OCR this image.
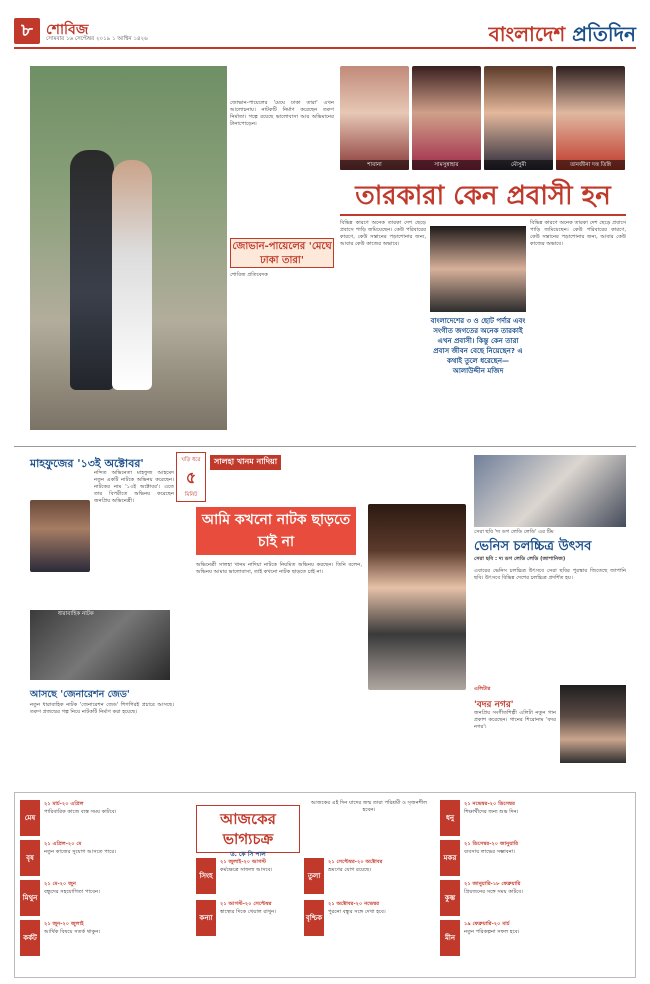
৮ শোবিজ
সোমবার ১৬ সেপ্টেম্বর ২০১৯ ১ আশ্বিন ১৪২৬	বাংলাদেশ প্রতিদিন
জোভান-পায়েলের 'মেঘে ঢাকা তারা' এখন আলোচনায়। নাটকটি নির্মাণ করেছেন তরুণ নির্মাতা। গল্পে রয়েছে ভালোবাসা আর অভিমানের টানাপোড়েন।
জোভান-পায়েলের 'মেঘে ঢাকা তারা'
শোবিজ প্রতিবেদক
শাবানা	সামসুন্নাহার	মৌসুমী	তানজীনা দত্ত তিন্নি
তারকারা কেন প্রবাসী হন
বিভিন্ন কারণে অনেক তারকা দেশ ছেড়ে প্রবাসে পাড়ি জমিয়েছেন। কেউ পরিবারের কারণে, কেউ সন্তানের পড়াশোনার জন্য, আবার কেউ কাজের অভাবে।
বাংলাদেশের ৩ ও ছোট পর্দার এবং সংগীত জগতের অনেক তারকাই এখন প্রবাসী। কিন্তু কেন তারা প্রবাস জীবন বেছে নিয়েছেন? এ কথাই তুলে ধরেছেন— আলাউদ্দীন মজিদ
বিভিন্ন কারণে অনেক তারকা দেশ ছেড়ে প্রবাসে পাড়ি জমিয়েছেন। কেউ পরিবারের কারণে, কেউ সন্তানের পড়াশোনার জন্য, আবার কেউ কাজের অভাবে।
মাহফুজের '১৩ই অক্টোবর'
নন্দিত অভিনেতা মাহফুজ আহমেদ নতুন একটি নাটকে অভিনয় করেছেন। নাটকের নাম '১৩ই অক্টোবর'। এতে তার বিপরীতে অভিনয় করেছেন জনপ্রিয় অভিনেত্রী।
ধারাবাহিক নাটক
আসছে 'জেনারেশন জেড'
নতুন ধারাবাহিক নাটক 'জেনারেশন জেড' শিগগিরই প্রচারে আসছে। তরুণ প্রজন্মের গল্প নিয়ে নাটকটি নির্মাণ করা হয়েছে।
ঘড়ি ধরে
৫
মিনিট
সালহা খানম নাদিয়া
আমি কখনো নাটক ছাড়তে চাই না
অভিনেত্রী সালহা খানম নাদিয়া নাটকে নিয়মিত অভিনয় করছেন। তিনি বলেন, অভিনয় আমার ভালোবাসা, তাই কখনো নাটক ছাড়তে চাই না।
সেরা ছবি 'দ্য ডগ লেডি লেডি' এর টিম
ভেনিস চলচ্চিত্র উৎসব
সেরা ছবি : দ্য ডগ লেডি লেডি (জাপানিজ)
এবারের ভেনিস চলচ্চিত্র উৎসবে সেরা ছবির পুরস্কার জিতেছে জাপানি ছবি। উৎসবে বিভিন্ন দেশের চলচ্চিত্র প্রদর্শিত হয়।
এলিটার
'বদর নগর'
জনপ্রিয় সংগীতশিল্পী এলিটা নতুন গান প্রকাশ করেছেন। গানের শিরোনাম 'বদর নগর'।
আজকের ভাগ্যচক্র
ড. কে সি পাল
আজকের এই দিন যাদের জন্ম তারা পরিশ্রমী ও সৃজনশীল হবেন।
মেষ
২১ মার্চ-২০ এপ্রিল
পারিবারিক কাজে ব্যস্ত সময় কাটবে।
বৃষ
২১ এপ্রিল-২০ মে
নতুন কাজের সুযোগ আসতে পারে।
মিথুন
২১ মে-২০ জুন
বন্ধুদের সহযোগিতা পাবেন।
কর্কট
২১ জুন-২০ জুলাই
আর্থিক বিষয়ে সতর্ক থাকুন।
সিংহ
২১ জুলাই-২০ আগস্ট
কর্মক্ষেত্রে সাফল্য আসবে।
কন্যা
২১ আগস্ট-২০ সেপ্টেম্বর
স্বাস্থ্যের দিকে খেয়াল রাখুন।
তুলা
২১ সেপ্টেম্বর-২০ অক্টোবর
ভ্রমণের যোগ রয়েছে।
বৃশ্চিক
২১ অক্টোবর-২০ নভেম্বর
পুরনো বন্ধুর সঙ্গে দেখা হবে।
ধনু
২১ নভেম্বর-২০ ডিসেম্বর
শিক্ষার্থীদের জন্য শুভ দিন।
মকর
২১ ডিসেম্বর-২০ জানুয়ারি
ব্যবসায় লাভের সম্ভাবনা।
কুম্ভ
২১ জানুয়ারি-১৮ ফেব্রুয়ারি
প্রিয়জনের সঙ্গে সময় কাটবে।
মীন
১৯ ফেব্রুয়ারি-২০ মার্চ
নতুন পরিকল্পনা সফল হবে।
